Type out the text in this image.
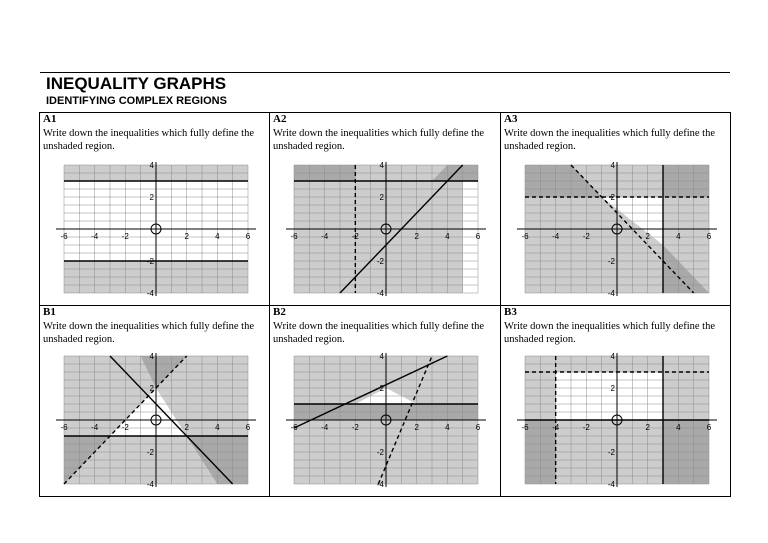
INEQUALITY GRAPHS
IDENTIFYING COMPLEX REGIONS
A1
Write down the inequalities which fully define the unshaded region.
-6	-4	-2	2	4	6
4
2
-2
-4
A2
Write down the inequalities which fully define the unshaded region.
-6	-4	-2	2	4	6
4
2
-2
-4
A3
Write down the inequalities which fully define the unshaded region.
-6	-4	-2	2	4	6
4
2
-2
-4
B1
Write down the inequalities which fully define the unshaded region.
-6	-4	-2	2	4	6
4
2
-2
-4
B2
Write down the inequalities which fully define the unshaded region.
-6	-4	-2	2	4	6
4
2
-2
-4
B3
Write down the inequalities which fully define the unshaded region.
-6	-4	-2	2	4	6
4
2
-2
-4
